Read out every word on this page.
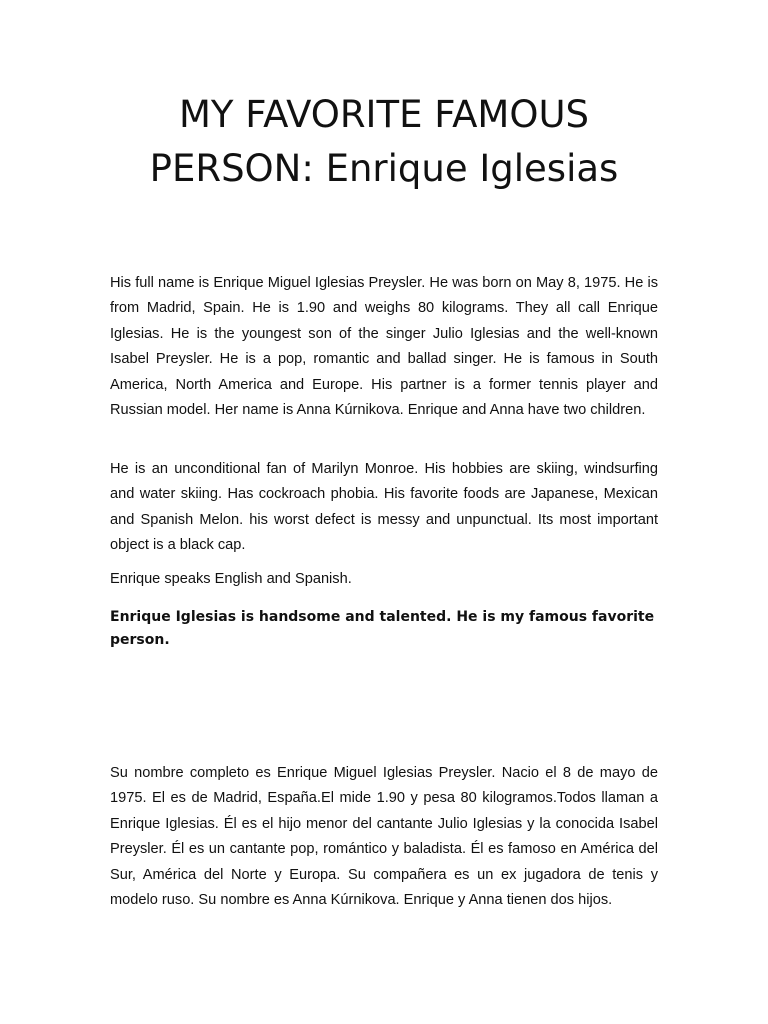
MY FAVORITE FAMOUS
PERSON: Enrique Iglesias

His full name is Enrique Miguel Iglesias Preysler. He was born on May 8, 1975. He is from Madrid, Spain. He is 1.90 and weighs 80 kilograms. They all call Enrique Iglesias. He is the youngest son of the singer Julio Iglesias and the well-known Isabel Preysler. He is a pop, romantic and ballad singer. He is famous in South America, North America and Europe. His partner is a former tennis player and Russian model. Her name is Anna Kúrnikova. Enrique and Anna have two children.

He is an unconditional fan of Marilyn Monroe. His hobbies are skiing, windsurfing and water skiing. Has cockroach phobia. His favorite foods are Japanese, Mexican and Spanish Melon. his worst defect is messy and unpunctual. Its most important object is a black cap.

Enrique speaks English and Spanish.

Enrique Iglesias is handsome and talented. He is my famous favorite person.

Su nombre completo es Enrique Miguel Iglesias Preysler. Nacio el 8 de mayo de 1975. El es de Madrid, España.El mide 1.90 y pesa 80 kilogramos.Todos llaman a Enrique Iglesias. Él es el hijo menor del cantante Julio Iglesias y la conocida Isabel Preysler. Él es un cantante pop, romántico y baladista. Él es famoso en América del Sur, América del Norte y Europa. Su compañera es un ex jugadora de tenis y modelo ruso. Su nombre es Anna Kúrnikova. Enrique y Anna tienen dos hijos.
